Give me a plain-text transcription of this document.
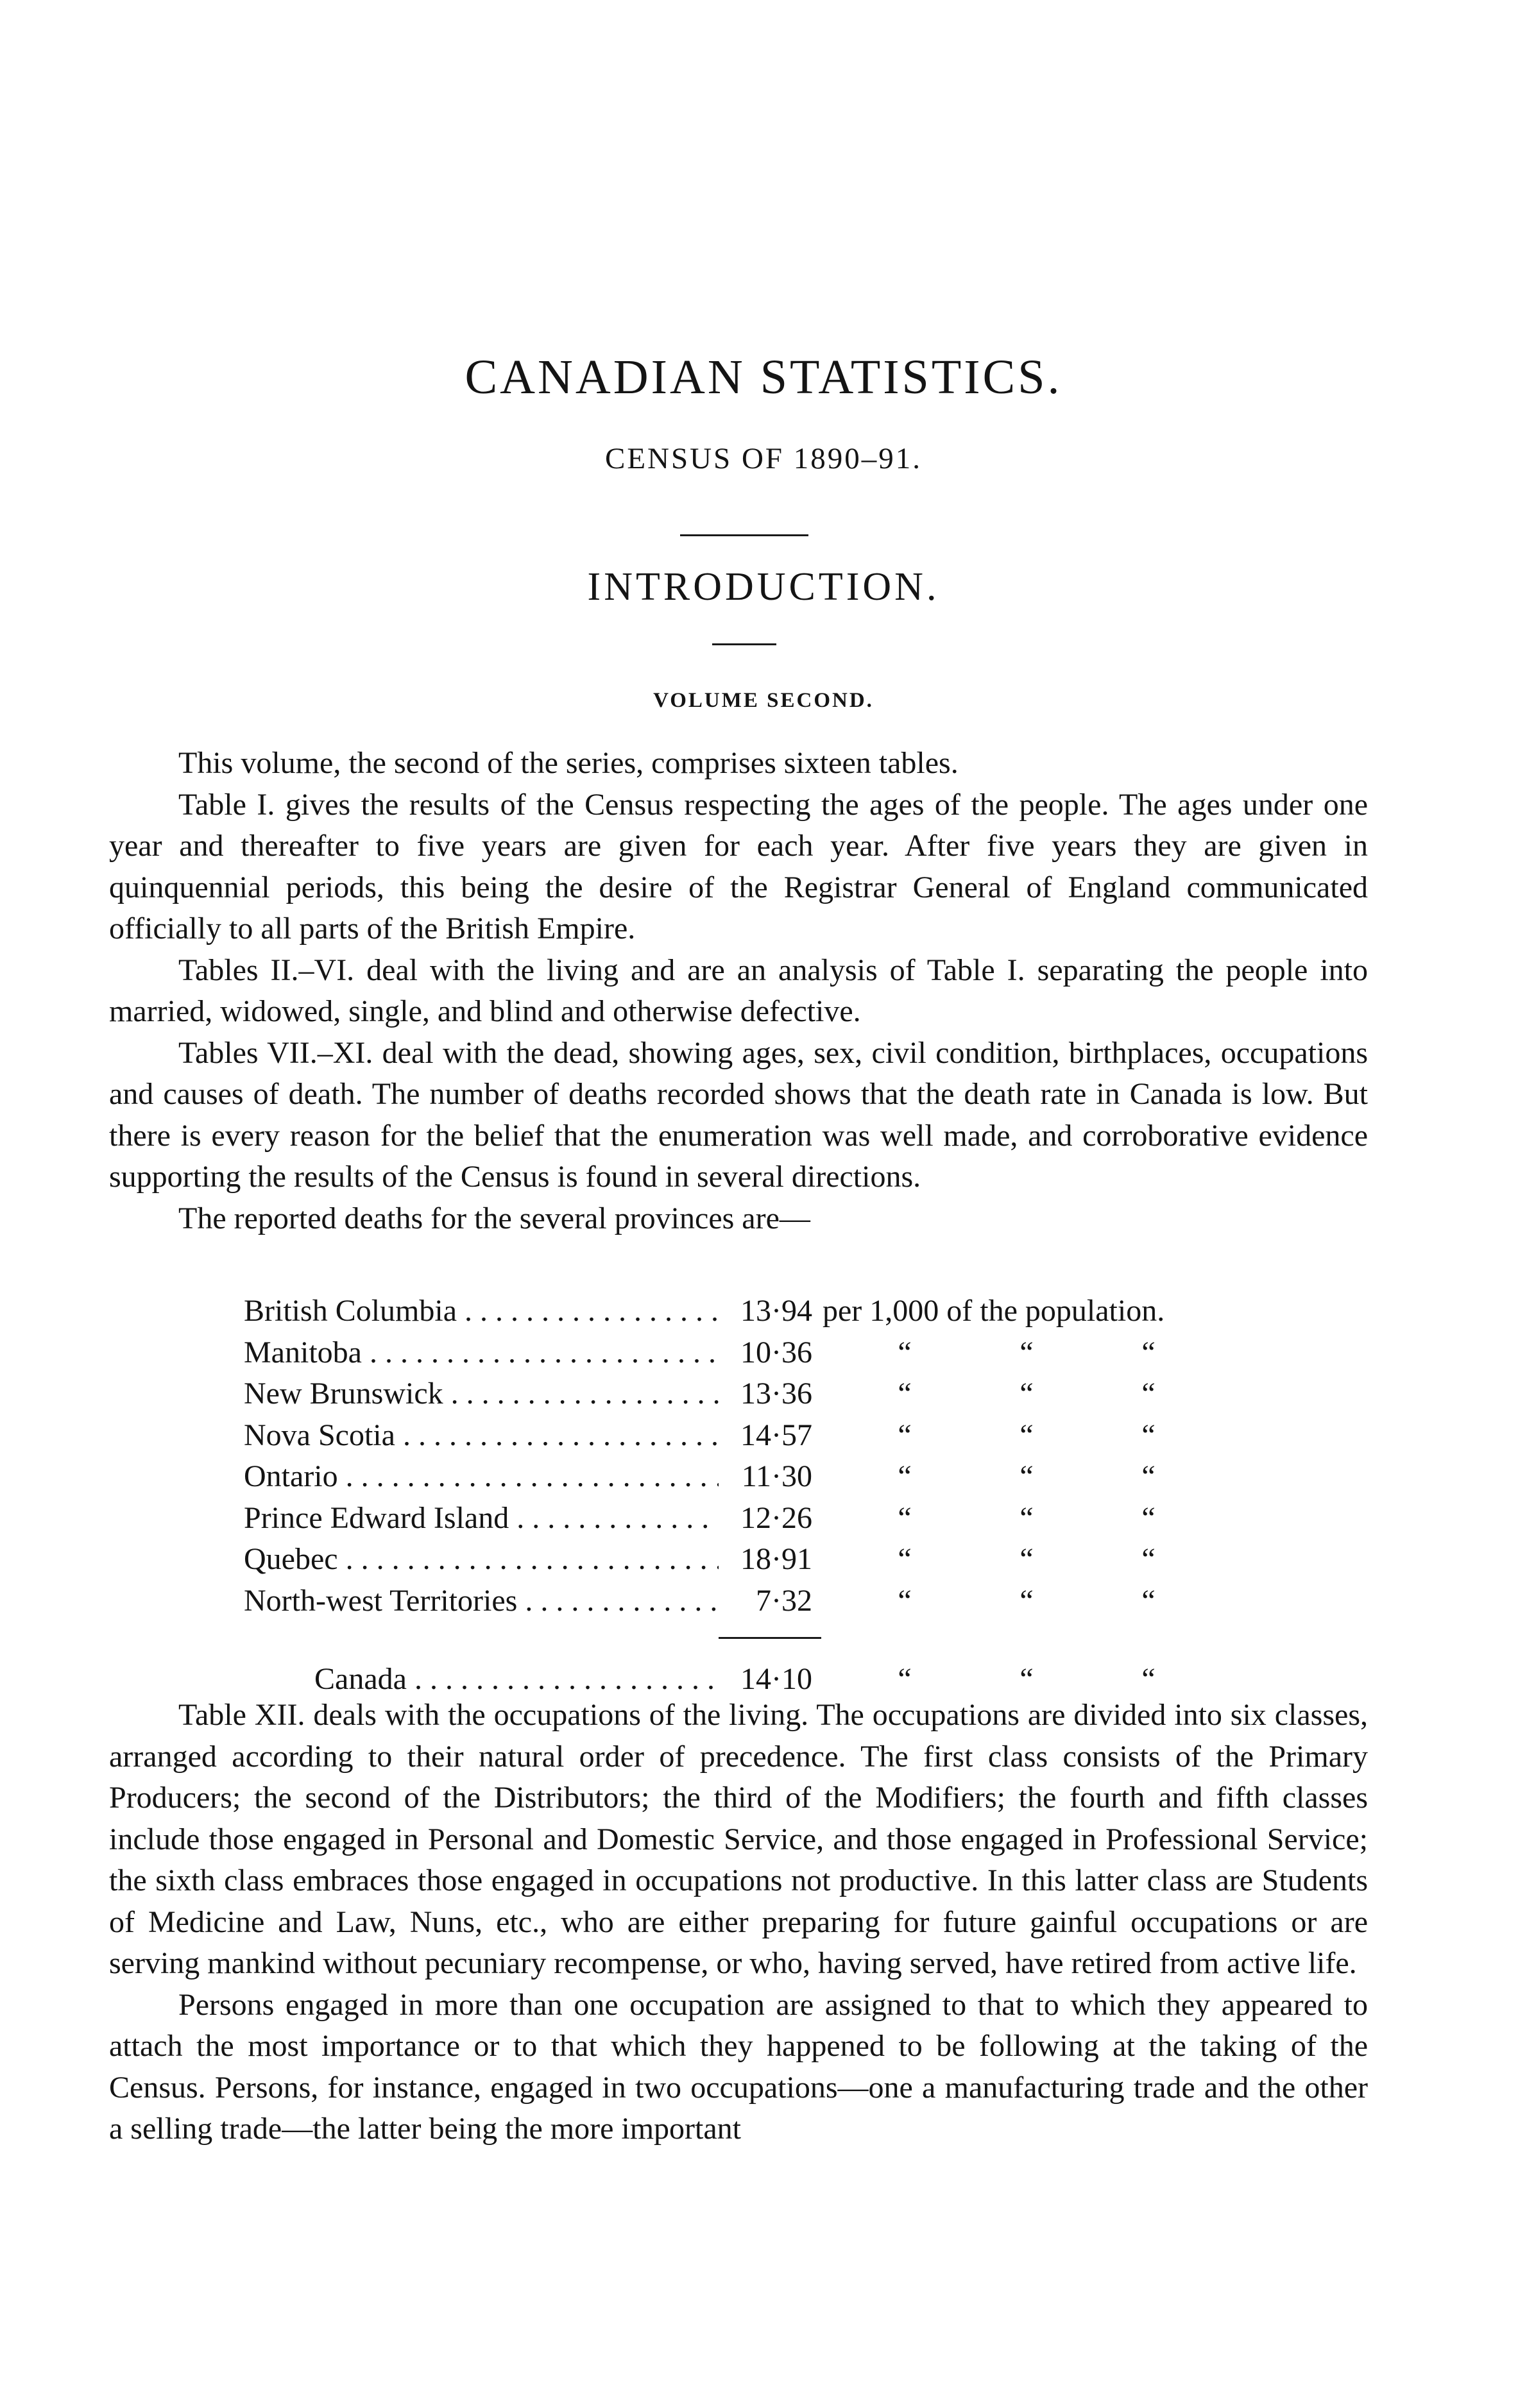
CANADIAN STATISTICS.
CENSUS OF 1890–91.
INTRODUCTION.
VOLUME SECOND.

This volume, the second of the series, comprises sixteen tables.

Table I. gives the results of the Census respecting the ages of the people. The ages under one year and thereafter to five years are given for each year. After five years they are given in quinquennial periods, this being the desire of the Registrar General of England communicated officially to all parts of the British Empire.

Tables II.–VI. deal with the living and are an analysis of Table I. separating the people into married, widowed, single, and blind and otherwise defective.

Tables VII.–XI. deal with the dead, showing ages, sex, civil condition, birthplaces, occupations and causes of death. The number of deaths recorded shows that the death rate in Canada is low. But there is every reason for the belief that the enumeration was well made, and corroborative evidence supporting the results of the Census is found in several directions.

The reported deaths for the several provinces are—

British Columbia . . .	13·94 per 1,000 of the population.
Manitoba . . .	10·36	“	“	“
New Brunswick . . .	13·36	“	“	“
Nova Scotia . . .	14·57	“	“	“
Ontario . . .	11·30	“	“	“
Prince Edward Island . . .	12·26	“	“	“
Quebec . . .	18·91	“	“	“
North-west Territories . . .	7·32	“	“	“
Canada . . .	14·10	“	“	“

Table XII. deals with the occupations of the living. The occupations are divided into six classes, arranged according to their natural order of precedence. The first class consists of the Primary Producers; the second of the Distributors; the third of the Modifiers; the fourth and fifth classes include those engaged in Personal and Domestic Service, and those engaged in Professional Service; the sixth class embraces those engaged in occupations not productive. In this latter class are Students of Medicine and Law, Nuns, etc., who are either preparing for future gainful occupations or are serving mankind without pecuniary recompense, or who, having served, have retired from active life.

Persons engaged in more than one occupation are assigned to that to which they appeared to attach the most importance or to that which they happened to be following at the taking of the Census. Persons, for instance, engaged in two occupations—one a manufacturing trade and the other a selling trade—the latter being the more important
